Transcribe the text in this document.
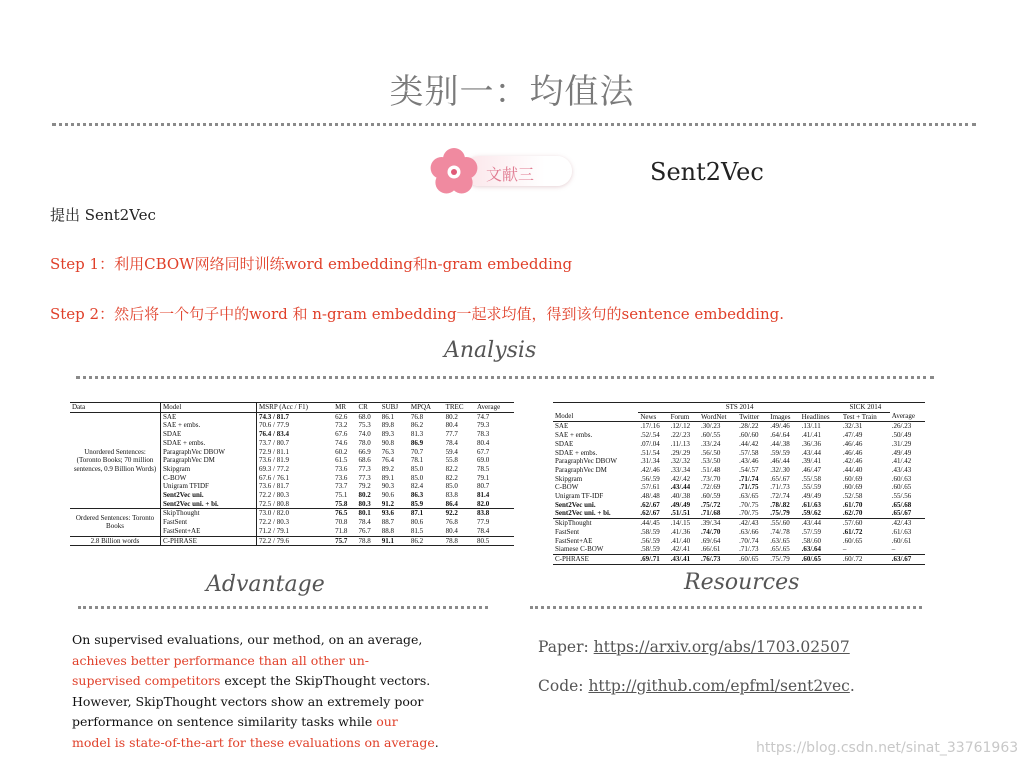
类别一：均值法
文献三	Sent2Vec
提出 Sent2Vec
Step 1：利用CBOW网络同时训练word embedding和n-gram embedding
Step 2：然后将一个句子中的word 和 n-gram embedding一起求均值，得到该句的sentence embedding.
Analysis
Data	Model	MSRP (Acc / F1)	MR	CR	SUBJ	MPQA	TREC	Average
Unordered Sentences: (Toronto Books; 70 million sentences, 0.9 Billion Words)	SAE	74.3 / 81.7	62.6	68.0	86.1	76.8	80.2	74.7
	SAE + embs.	70.6 / 77.9	73.2	75.3	89.8	86.2	80.4	79.3
	SDAE	76.4 / 83.4	67.6	74.0	89.3	81.3	77.7	78.3
	SDAE + embs.	73.7 / 80.7	74.6	78.0	90.8	86.9	78.4	80.4
	ParagraphVec DBOW	72.9 / 81.1	60.2	66.9	76.3	70.7	59.4	67.7
	ParagraphVec DM	73.6 / 81.9	61.5	68.6	76.4	78.1	55.8	69.0
	Skipgram	69.3 / 77.2	73.6	77.3	89.2	85.0	82.2	78.5
	C-BOW	67.6 / 76.1	73.6	77.3	89.1	85.0	82.2	79.1
	Unigram TFIDF	73.6 / 81.7	73.7	79.2	90.3	82.4	85.0	80.7
	Sent2Vec uni.	72.2 / 80.3	75.1	80.2	90.6	86.3	83.8	81.4
	Sent2Vec uni. + bi.	72.5 / 80.8	75.8	80.3	91.2	85.9	86.4	82.0
Ordered Sentences: Toronto Books	SkipThought	73.0 / 82.0	76.5	80.1	93.6	87.1	92.2	83.8
	FastSent	72.2 / 80.3	70.8	78.4	88.7	80.6	76.8	77.9
	FastSent+AE	71.2 / 79.1	71.8	76.7	88.8	81.5	80.4	78.4
2.8 Billion words	C-PHRASE	72.2 / 79.6	75.7	78.8	91.1	86.2	78.8	80.5
	STS 2014						SICK 2014	
Model	News	Forum	WordNet	Twitter	Images	Headlines	Test + Train	Average
SAE	.17/.16	.12/.12	.30/.23	.28/.22	.49/.46	.13/.11	.32/.31	.26/.23
SAE + embs.	.52/.54	.22/.23	.60/.55	.60/.60	.64/.64	.41/.41	.47/.49	.50/.49
SDAE	.07/.04	.11/.13	.33/.24	.44/.42	.44/.38	.36/.36	.46/.46	.31/.29
SDAE + embs.	.51/.54	.29/.29	.56/.50	.57/.58	.59/.59	.43/.44	.46/.46	.49/.49
ParagraphVec DBOW	.31/.34	.32/.32	.53/.50	.43/.46	.46/.44	.39/.41	.42/.46	.41/.42
ParagraphVec DM	.42/.46	.33/.34	.51/.48	.54/.57	.32/.30	.46/.47	.44/.40	.43/.43
Skipgram	.56/.59	.42/.42	.73/.70	.71/.74	.65/.67	.55/.58	.60/.69	.60/.63
C-BOW	.57/.61	.43/.44	.72/.69	.71/.75	.71/.73	.55/.59	.60/.69	.60/.65
Unigram TF-IDF	.48/.48	.40/.38	.60/.59	.63/.65	.72/.74	.49/.49	.52/.58	.55/.56
Sent2Vec uni.	.62/.67	.49/.49	.75/.72	.70/.75	.78/.82	.61/.63	.61/.70	.65/.68
Sent2Vec uni. + bi.	.62/.67	.51/.51	.71/.68	.70/.75	.75/.79	.59/.62	.62/.70	.65/.67
SkipThought	.44/.45	.14/.15	.39/.34	.42/.43	.55/.60	.43/.44	.57/.60	.42/.43
FastSent	.58/.59	.41/.36	.74/.70	.63/.66	.74/.78	.57/.59	.61/.72	.61/.63
FastSent+AE	.56/.59	.41/.40	.69/.64	.70/.74	.63/.65	.58/.60	.60/.65	.60/.61
Siamese C-BOW	.58/.59	.42/.41	.66/.61	.71/.73	.65/.65	.63/.64	–	–
C-PHRASE	.69/.71	.43/.41	.76/.73	.60/.65	.75/.79	.60/.65	.60/.72	.63/.67
Advantage
On supervised evaluations, our method, on an average, achieves better performance than all other un- supervised competitors except the SkipThought vectors. However, SkipThought vectors show an extremely poor performance on sentence similarity tasks while our model is state-of-the-art for these evaluations on average.
Resources
Paper: https://arxiv.org/abs/1703.02507
Code: http://github.com/epfml/sent2vec.
https://blog.csdn.net/sinat_33761963
